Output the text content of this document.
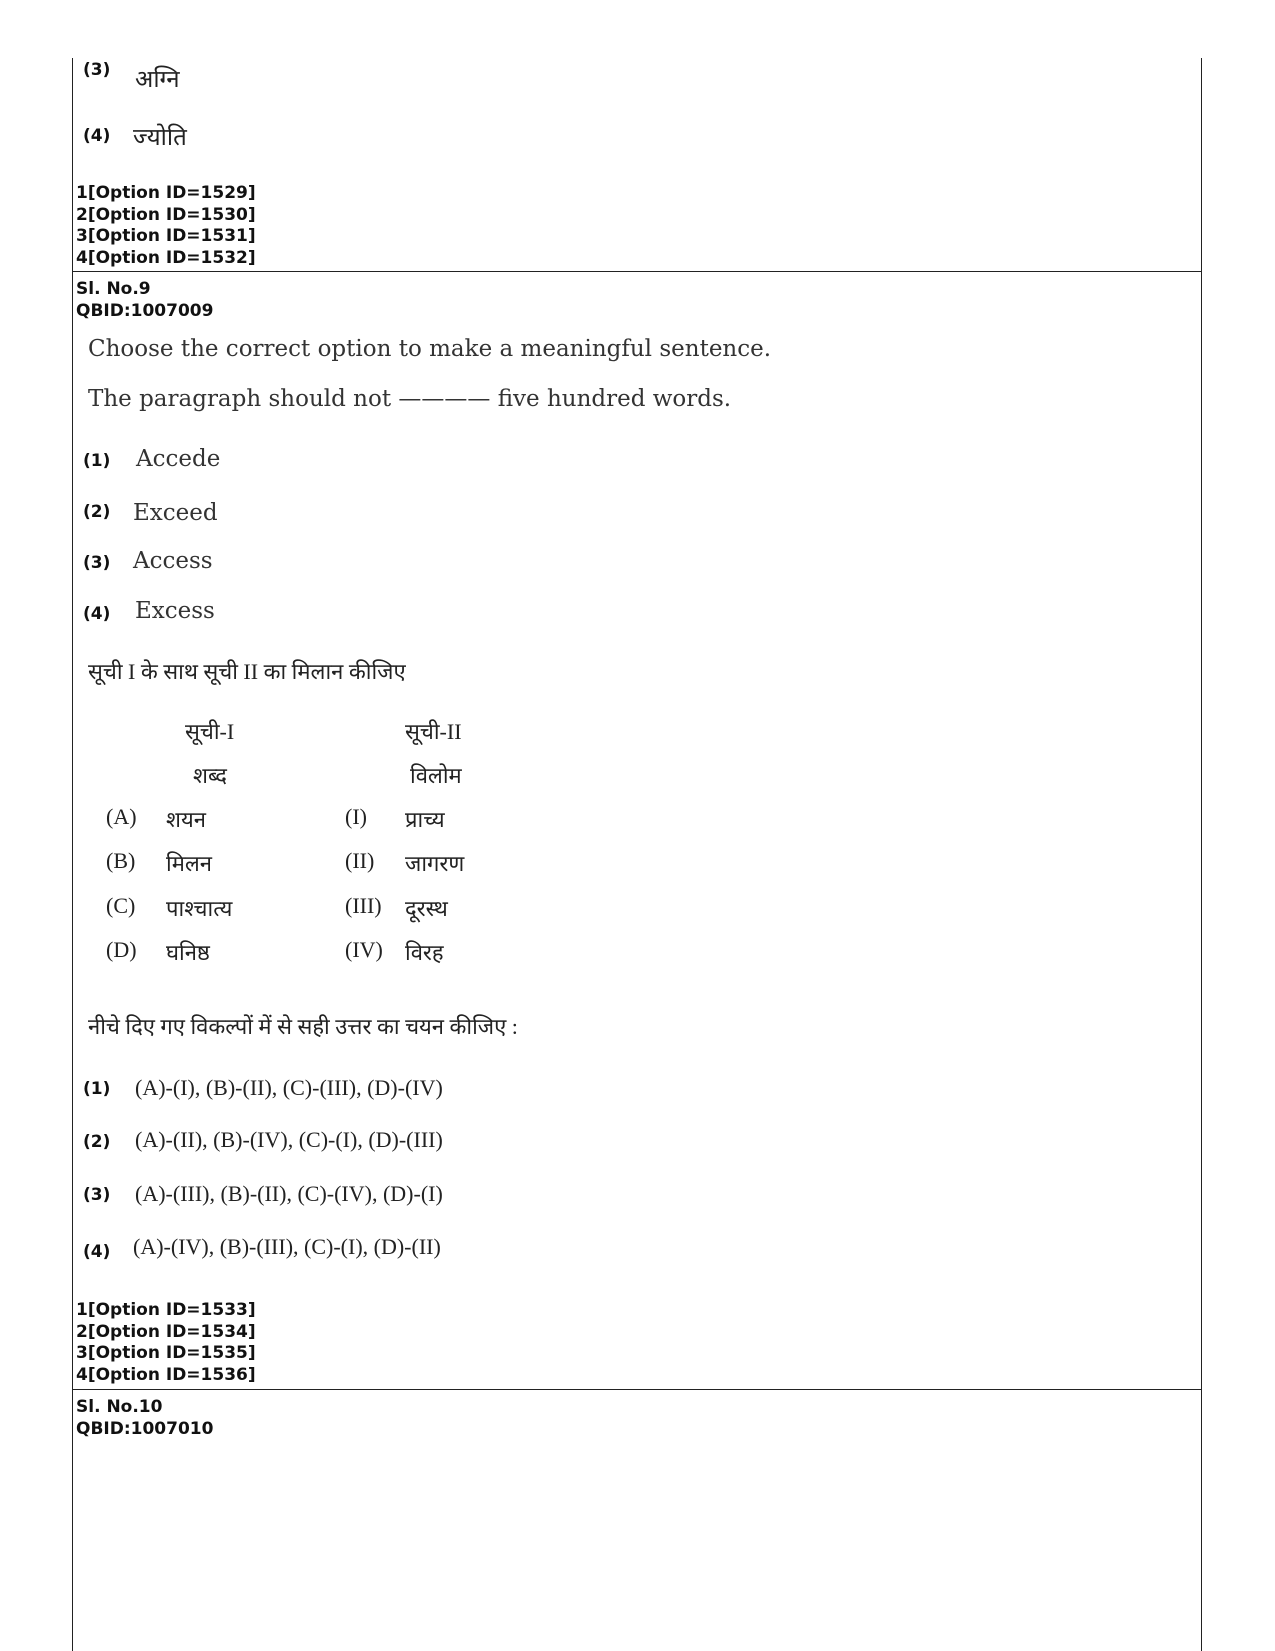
(3) अग्नि
(4) ज्योति
1[Option ID=1529]
2[Option ID=1530]
3[Option ID=1531]
4[Option ID=1532]
Sl. No.9
QBID:1007009
Choose the correct option to make a meaningful sentence.
The paragraph should not ———— five hundred words.
(1) Accede
(2) Exceed
(3) Access
(4) Excess
सूची I के साथ सूची II का मिलान कीजिए
सूची-I	सूची-II
शब्द	विलोम
(A) शयन	(I) प्राच्य
(B) मिलन	(II) जागरण
(C) पाश्चात्य	(III) दूरस्थ
(D) घनिष्ठ	(IV) विरह
नीचे दिए गए विकल्पों में से सही उत्तर का चयन कीजिए :
(1) (A)-(I), (B)-(II), (C)-(III), (D)-(IV)
(2) (A)-(II), (B)-(IV), (C)-(I), (D)-(III)
(3) (A)-(III), (B)-(II), (C)-(IV), (D)-(I)
(4) (A)-(IV), (B)-(III), (C)-(I), (D)-(II)
1[Option ID=1533]
2[Option ID=1534]
3[Option ID=1535]
4[Option ID=1536]
Sl. No.10
QBID:1007010
